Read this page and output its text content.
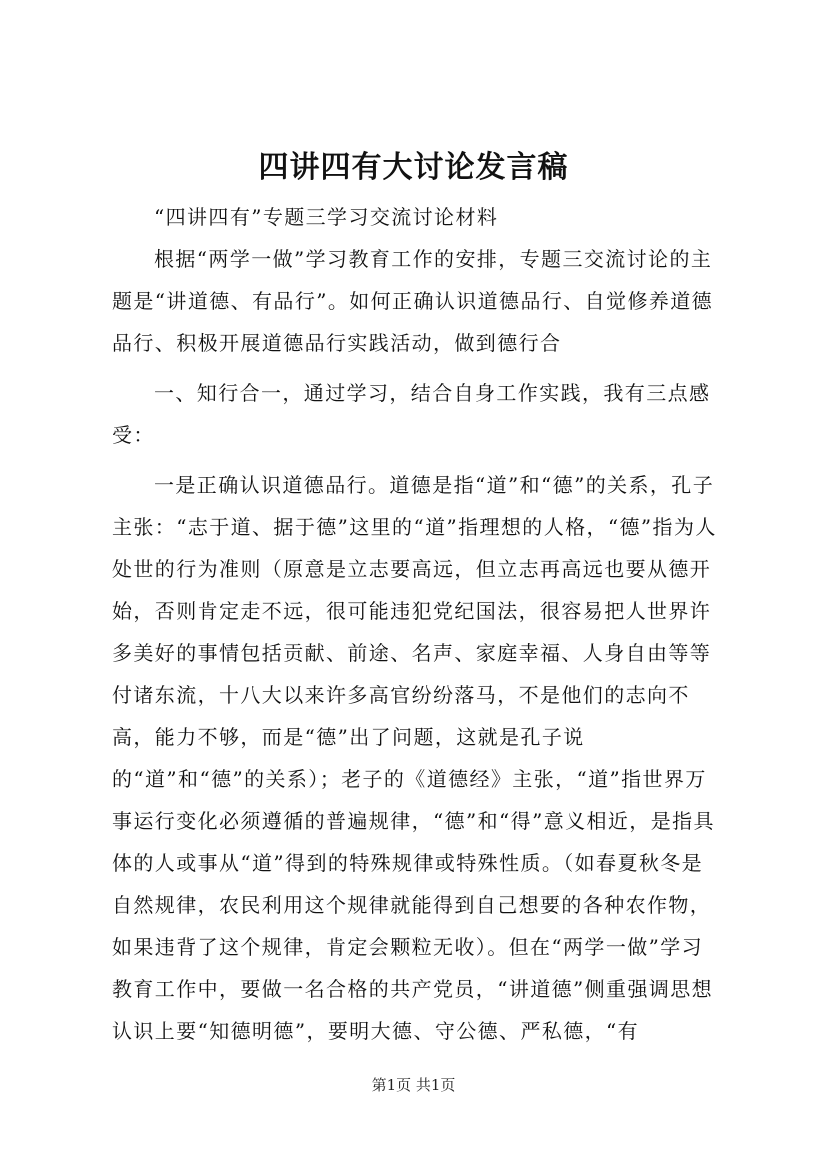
四讲四有大讨论发言稿

“四讲四有”专题三学习交流讨论材料

根据“两学一做”学习教育工作的安排，专题三交流讨论的主题是“讲道德、有品行”。如何正确认识道德品行、自觉修养道德品行、积极开展道德品行实践活动，做到德行合

一、知行合一，通过学习，结合自身工作实践，我有三点感受：

一是正确认识道德品行。道德是指“道”和“德”的关系，孔子主张：“志于道、据于德”这里的“道”指理想的人格，“德”指为人处世的行为准则（原意是立志要高远，但立志再高远也要从德开始，否则肯定走不远，很可能违犯党纪国法，很容易把人世界许多美好的事情包括贡献、前途、名声、家庭幸福、人身自由等等付诸东流，十八大以来许多高官纷纷落马，不是他们的志向不高，能力不够，而是“德”出了问题，这就是孔子说的“道”和“德”的关系）；老子的《道德经》主张，“道”指世界万事运行变化必须遵循的普遍规律，“德”和“得”意义相近，是指具体的人或事从“道”得到的特殊规律或特殊性质。（如春夏秋冬是自然规律，农民利用这个规律就能得到自己想要的各种农作物，如果违背了这个规律，肯定会颗粒无收）。但在“两学一做”学习教育工作中，要做一名合格的共产党员，“讲道德”侧重强调思想认识上要“知德明德”，要明大德、守公德、严私德，“有

第1页 共1页
